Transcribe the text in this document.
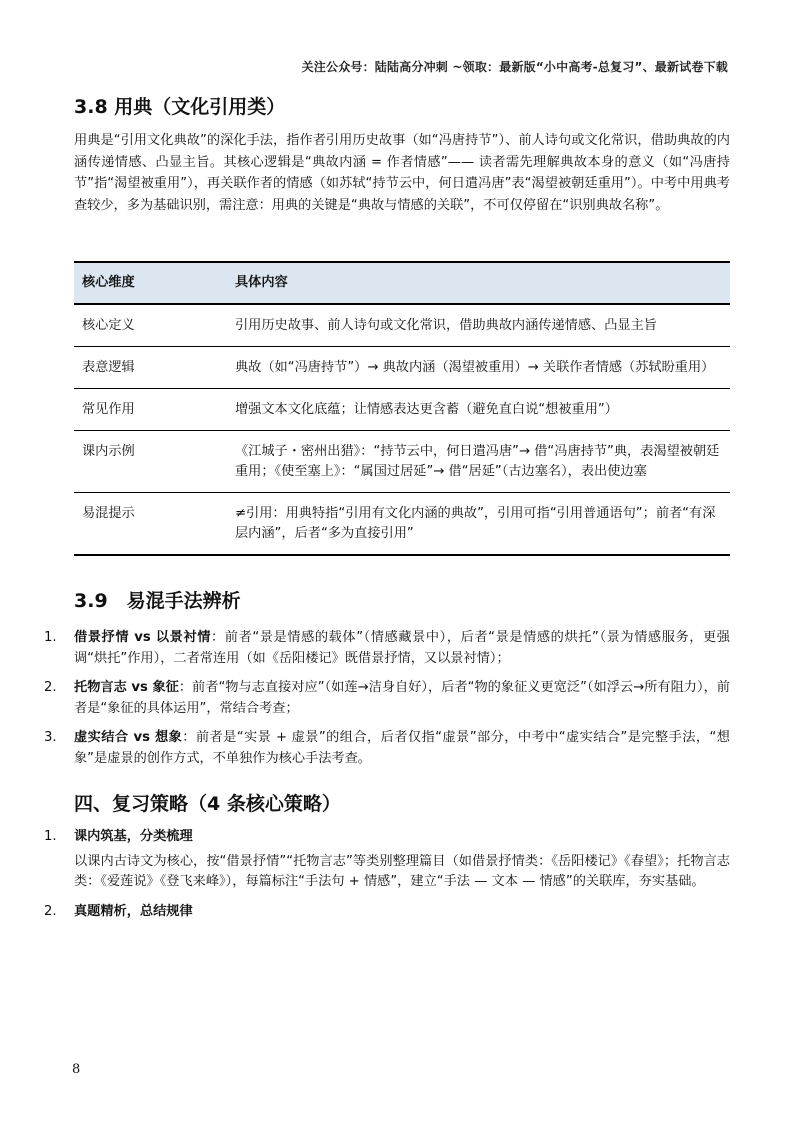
关注公众号：陆陆高分冲刺 ~领取：最新版“小中高考-总复习”、最新试卷下载
3.8 用典（文化引用类）

用典是“引用文化典故”的深化手法，指作者引用历史故事（如“冯唐持节”）、前人诗句或文化常识，借助典故的内涵传递情感、凸显主旨。其核心逻辑是“典故内涵 = 作者情感”—— 读者需先理解典故本身的意义（如“冯唐持节”指“渴望被重用”），再关联作者的情感（如苏轼“持节云中，何日遣冯唐”表“渴望被朝廷重用”）。中考中用典考查较少，多为基础识别，需注意：用典的关键是“典故与情感的关联”，不可仅停留在“识别典故名称”。

核心维度	具体内容
核心定义	引用历史故事、前人诗句或文化常识，借助典故内涵传递情感、凸显主旨
表意逻辑	典故（如“冯唐持节”）→ 典故内涵（渴望被重用）→ 关联作者情感（苏轼盼重用）
常见作用	增强文本文化底蕴；让情感表达更含蓄（避免直白说“想被重用”）
课内示例	《江城子・密州出猎》：“持节云中，何日遣冯唐”→ 借“冯唐持节”典，表渴望被朝廷重用；《使至塞上》：“属国过居延”→ 借“居延”（古边塞名），表出使边塞
易混提示	≠引用：用典特指“引用有文化内涵的典故”，引用可指“引用普通语句”；前者“有深层内涵”，后者“多为直接引用”
3.9　易混手法辨析
1. 借景抒情 vs 以景衬情：前者“景是情感的载体”（情感藏景中），后者“景是情感的烘托”（景为情感服务，更强调“烘托”作用），二者常连用（如《岳阳楼记》既借景抒情，又以景衬情）；
2. 托物言志 vs 象征：前者“物与志直接对应”（如莲→洁身自好），后者“物的象征义更宽泛”（如浮云→所有阻力），前者是“象征的具体运用”，常结合考查；
3. 虚实结合 vs 想象：前者是“实景 + 虚景”的组合，后者仅指“虚景”部分，中考中“虚实结合”是完整手法，“想象”是虚景的创作方式，不单独作为核心手法考查。
四、复习策略（4 条核心策略）
1. 课内筑基，分类梳理
以课内古诗文为核心，按“借景抒情”“托物言志”等类别整理篇目（如借景抒情类：《岳阳楼记》《春望》；托物言志类：《爱莲说》《登飞来峰》），每篇标注“手法句 + 情感”，建立“手法 — 文本 — 情感”的关联库，夯实基础。
2. 真题精析，总结规律
8
